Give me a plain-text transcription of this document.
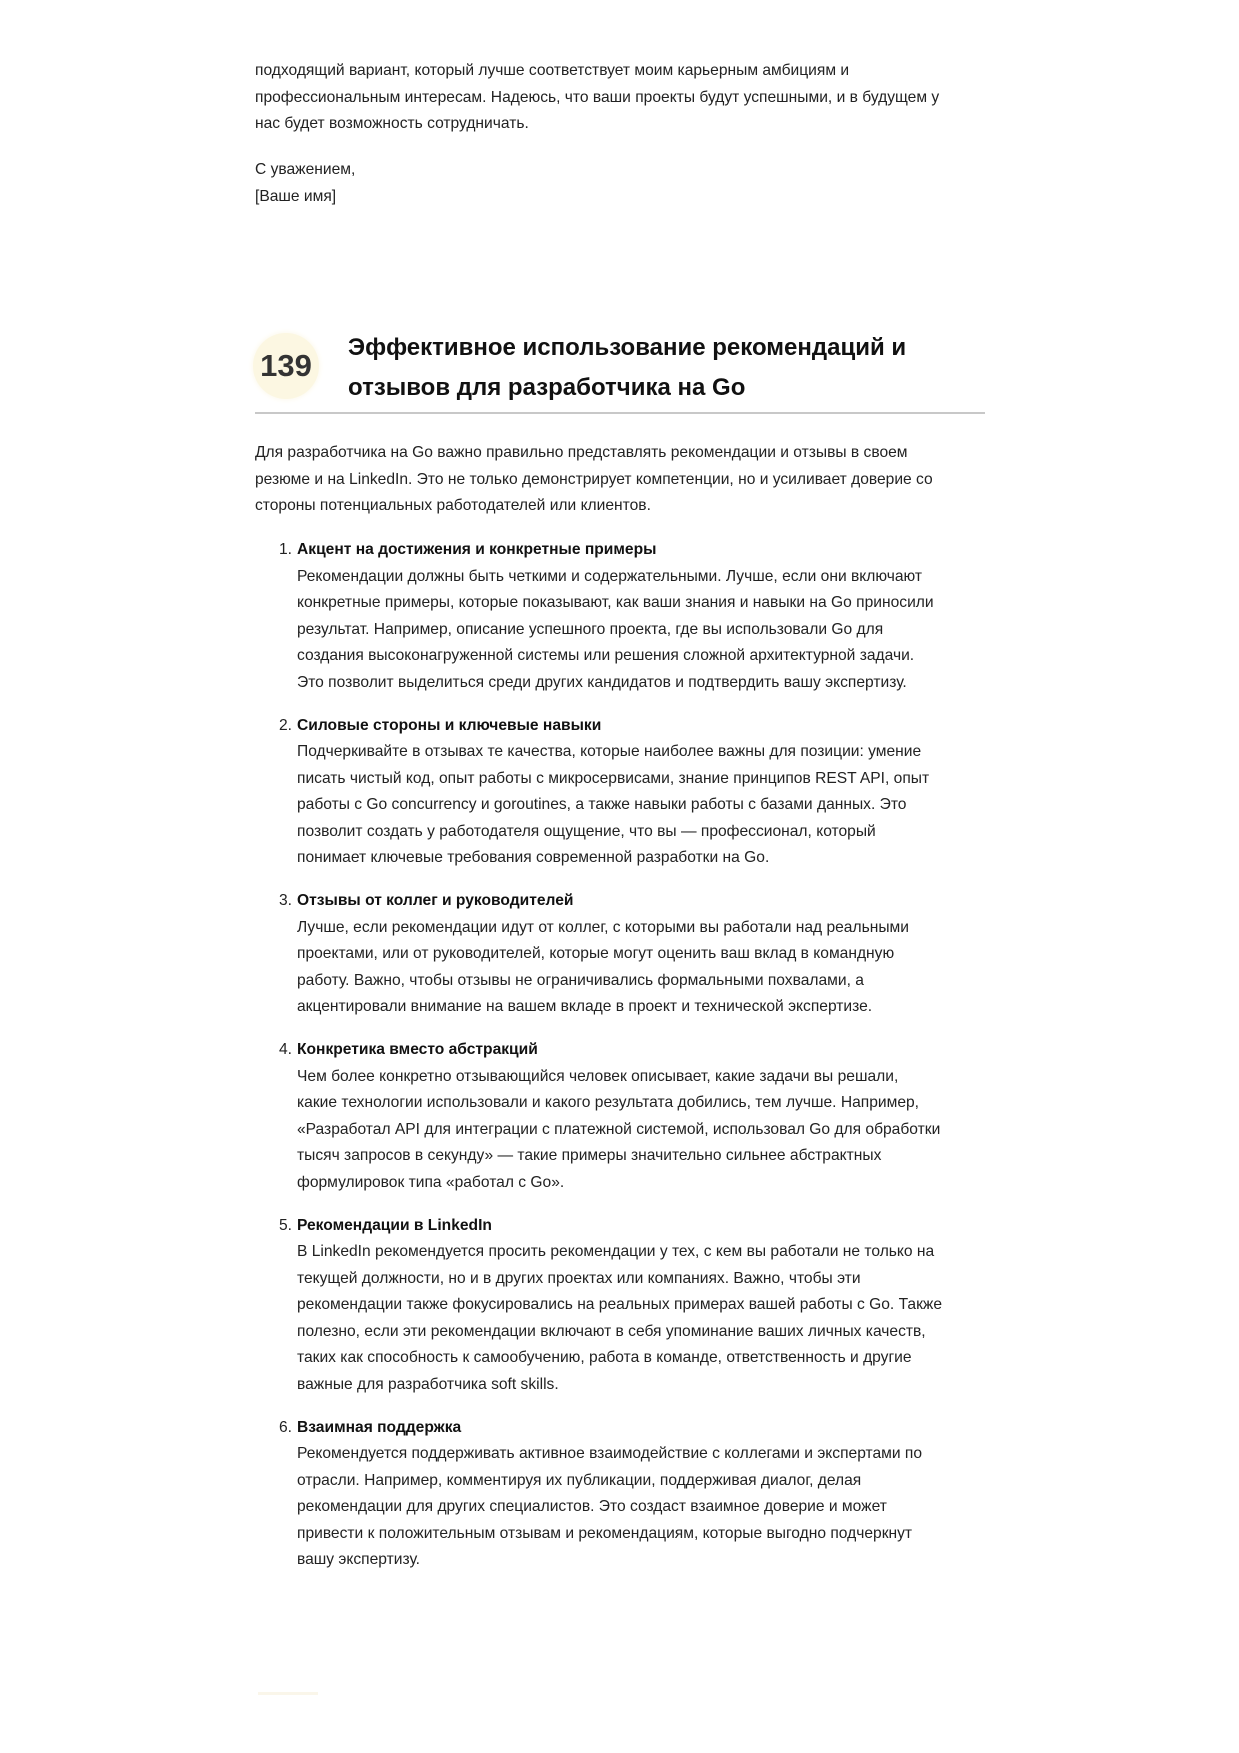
подходящий вариант, который лучше соответствует моим карьерным амбициям и
профессиональным интересам. Надеюсь, что ваши проекты будут успешными, и в будущем у
нас будет возможность сотрудничать.
С уважением,
[Ваше имя]
139
Эффективное использование рекомендаций и
отзывов для разработчика на Go
Для разработчика на Go важно правильно представлять рекомендации и отзывы в своем
резюме и на LinkedIn. Это не только демонстрирует компетенции, но и усиливает доверие со
стороны потенциальных работодателей или клиентов.
1. Акцент на достижения и конкретные примеры
Рекомендации должны быть четкими и содержательными. Лучше, если они включают
конкретные примеры, которые показывают, как ваши знания и навыки на Go приносили
результат. Например, описание успешного проекта, где вы использовали Go для
создания высоконагруженной системы или решения сложной архитектурной задачи.
Это позволит выделиться среди других кандидатов и подтвердить вашу экспертизу.
2. Силовые стороны и ключевые навыки
Подчеркивайте в отзывах те качества, которые наиболее важны для позиции: умение
писать чистый код, опыт работы с микросервисами, знание принципов REST API, опыт
работы с Go concurrency и goroutines, а также навыки работы с базами данных. Это
позволит создать у работодателя ощущение, что вы — профессионал, который
понимает ключевые требования современной разработки на Go.
3. Отзывы от коллег и руководителей
Лучше, если рекомендации идут от коллег, с которыми вы работали над реальными
проектами, или от руководителей, которые могут оценить ваш вклад в командную
работу. Важно, чтобы отзывы не ограничивались формальными похвалами, а
акцентировали внимание на вашем вкладе в проект и технической экспертизе.
4. Конкретика вместо абстракций
Чем более конкретно отзывающийся человек описывает, какие задачи вы решали,
какие технологии использовали и какого результата добились, тем лучше. Например,
«Разработал API для интеграции с платежной системой, использовал Go для обработки
тысяч запросов в секунду» — такие примеры значительно сильнее абстрактных
формулировок типа «работал с Go».
5. Рекомендации в LinkedIn
В LinkedIn рекомендуется просить рекомендации у тех, с кем вы работали не только на
текущей должности, но и в других проектах или компаниях. Важно, чтобы эти
рекомендации также фокусировались на реальных примерах вашей работы с Go. Также
полезно, если эти рекомендации включают в себя упоминание ваших личных качеств,
таких как способность к самообучению, работа в команде, ответственность и другие
важные для разработчика soft skills.
6. Взаимная поддержка
Рекомендуется поддерживать активное взаимодействие с коллегами и экспертами по
отрасли. Например, комментируя их публикации, поддерживая диалог, делая
рекомендации для других специалистов. Это создаст взаимное доверие и может
привести к положительным отзывам и рекомендациям, которые выгодно подчеркнут
вашу экспертизу.
